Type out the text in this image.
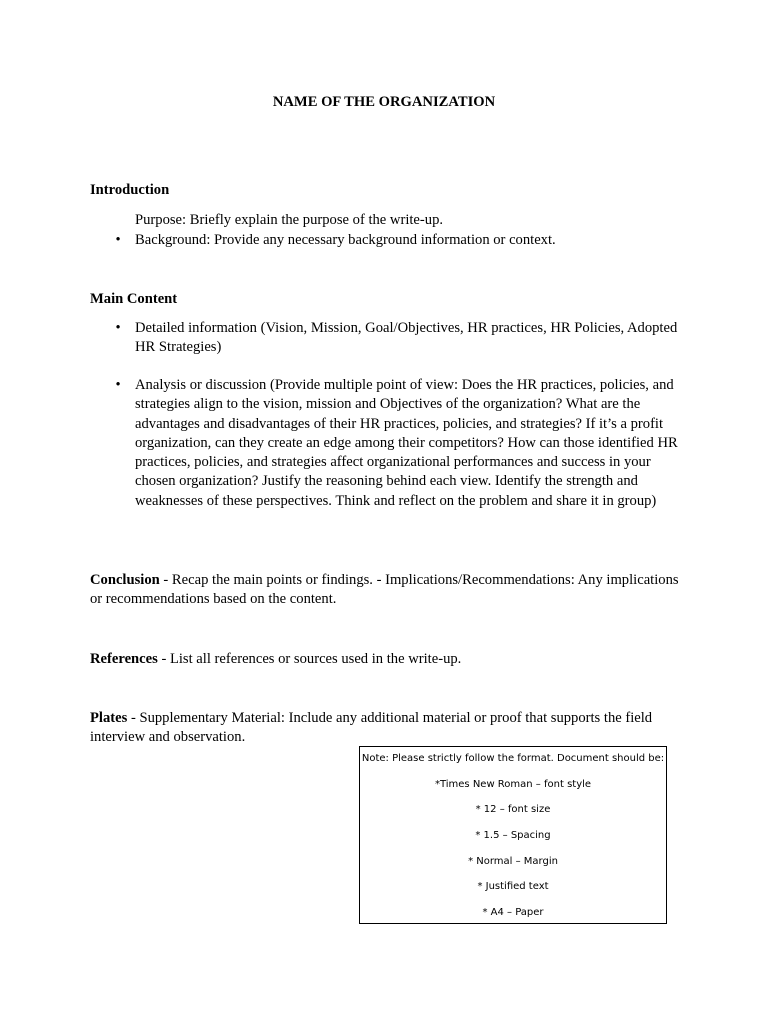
NAME OF THE ORGANIZATION
Introduction
Purpose: Briefly explain the purpose of the write-up.
• Background: Provide any necessary background information or context.
Main Content
• Detailed information (Vision, Mission, Goal/Objectives, HR practices, HR Policies, Adopted HR Strategies)
• Analysis or discussion (Provide multiple point of view: Does the HR practices, policies, and strategies align to the vision, mission and Objectives of the organization? What are the advantages and disadvantages of their HR practices, policies, and strategies? If it’s a profit organization, can they create an edge among their competitors? How can those identified HR practices, policies, and strategies affect organizational performances and success in your chosen organization? Justify the reasoning behind each view. Identify the strength and weaknesses of these perspectives. Think and reflect on the problem and share it in group)
Conclusion - Recap the main points or findings. - Implications/Recommendations: Any implications or recommendations based on the content.
References - List all references or sources used in the write-up.
Plates - Supplementary Material: Include any additional material or proof that supports the field interview and observation.
Note: Please strictly follow the format. Document should be:
*Times New Roman – font style
* 12 – font size
* 1.5 – Spacing
* Normal – Margin
* Justified text
* A4 – Paper
